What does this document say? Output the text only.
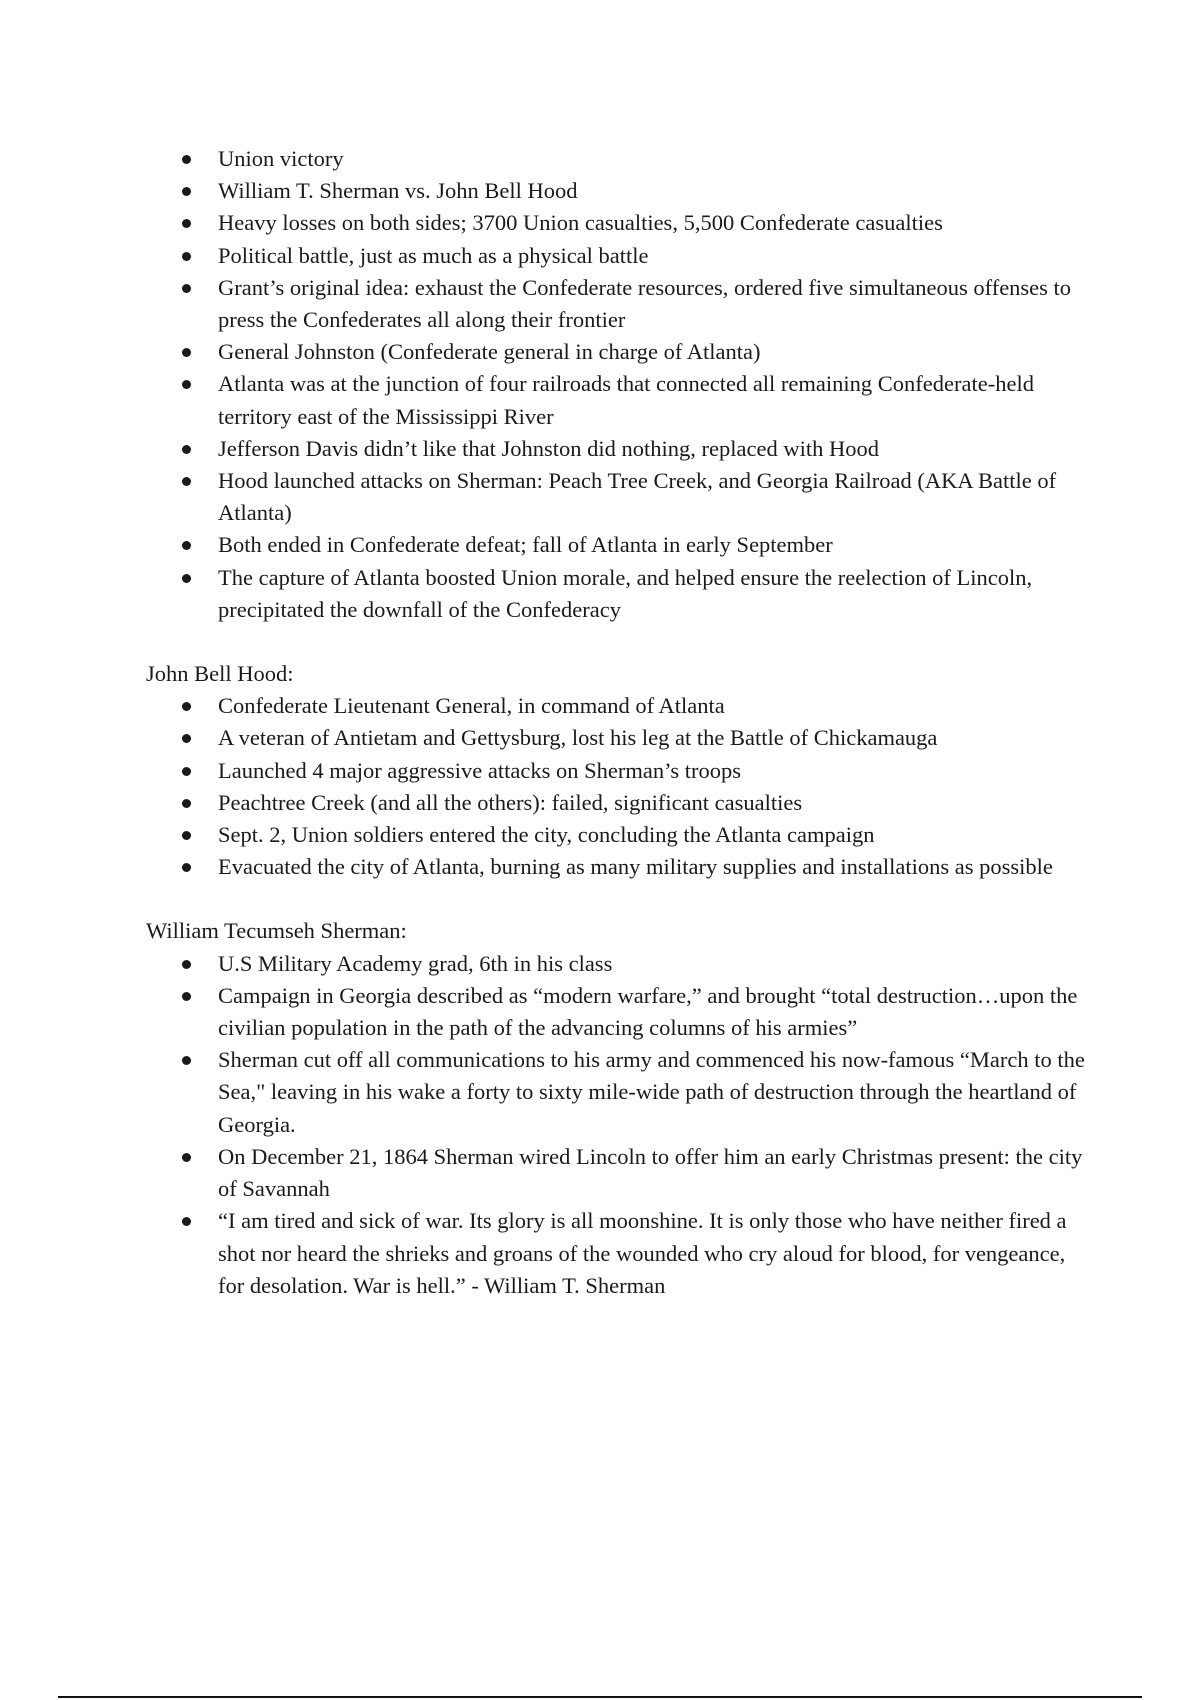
Union victory
William T. Sherman vs. John Bell Hood
Heavy losses on both sides; 3700 Union casualties, 5,500 Confederate casualties
Political battle, just as much as a physical battle
Grant’s original idea: exhaust the Confederate resources, ordered five simultaneous offenses to press the Confederates all along their frontier
General Johnston (Confederate general in charge of Atlanta)
Atlanta was at the junction of four railroads that connected all remaining Confederate-held territory east of the Mississippi River
Jefferson Davis didn’t like that Johnston did nothing, replaced with Hood
Hood launched attacks on Sherman: Peach Tree Creek, and Georgia Railroad (AKA Battle of Atlanta)
Both ended in Confederate defeat; fall of Atlanta in early September
The capture of Atlanta boosted Union morale, and helped ensure the reelection of Lincoln, precipitated the downfall of the Confederacy

John Bell Hood:

Confederate Lieutenant General, in command of Atlanta
A veteran of Antietam and Gettysburg, lost his leg at the Battle of Chickamauga
Launched 4 major aggressive attacks on Sherman’s troops
Peachtree Creek (and all the others): failed, significant casualties
Sept. 2, Union soldiers entered the city, concluding the Atlanta campaign
Evacuated the city of Atlanta, burning as many military supplies and installations as possible

William Tecumseh Sherman:

U.S Military Academy grad, 6th in his class
Campaign in Georgia described as “modern warfare,” and brought “total destruction…upon the civilian population in the path of the advancing columns of his armies”
Sherman cut off all communications to his army and commenced his now-famous “March to the Sea," leaving in his wake a forty to sixty mile-wide path of destruction through the heartland of Georgia.
On December 21, 1864 Sherman wired Lincoln to offer him an early Christmas present: the city of Savannah
“I am tired and sick of war. Its glory is all moonshine. It is only those who have neither fired a shot nor heard the shrieks and groans of the wounded who cry aloud for blood, for vengeance, for desolation. War is hell.” - William T. Sherman
